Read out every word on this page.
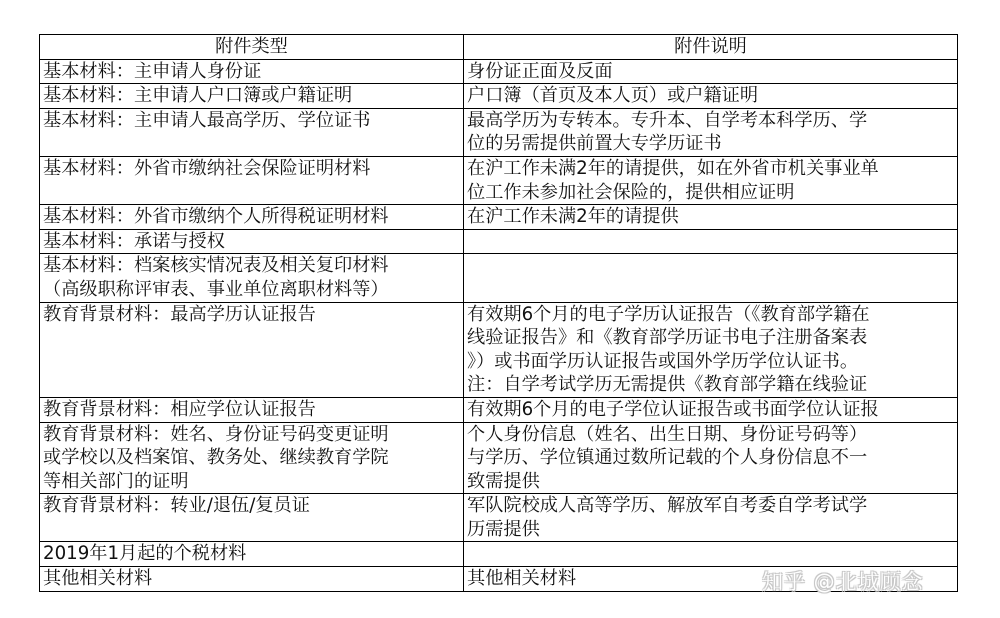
附件类型	附件说明

基本材料：主申请人身份证	身份证正面及反面

基本材料：主申请人户口簿或户籍证明	户口簿（首页及本人页）或户籍证明

基本材料：主申请人最高学历、学位证书	最高学历为专转本。专升本、自学考本科学历、学
位的另需提供前置大专学历证书

基本材料：外省市缴纳社会保险证明材料	在沪工作未满2年的请提供，如在外省市机关事业单
位工作未参加社会保险的，提供相应证明

基本材料：外省市缴纳个人所得税证明材料	在沪工作未满2年的请提供

基本材料：承诺与授权	

基本材料：档案核实情况表及相关复印材料
（高级职称评审表、事业单位离职材料等）	

教育背景材料：最高学历认证报告	有效期6个月的电子学历认证报告（《教育部学籍在
线验证报告》和《教育部学历证书电子注册备案表
》）或书面学历认证报告或国外学历学位认证书。
注：自学考试学历无需提供《教育部学籍在线验证

教育背景材料：相应学位认证报告	有效期6个月的电子学位认证报告或书面学位认证报

教育背景材料：姓名、身份证号码变更证明
或学校以及档案馆、教务处、继续教育学院
等相关部门的证明	个人身份信息（姓名、出生日期、身份证号码等）
与学历、学位镇通过数所记载的个人身份信息不一
致需提供

教育背景材料：转业/退伍/复员证	军队院校成人高等学历、解放军自考委自学考试学
历需提供

2019年1月起的个税材料	

其他相关材料	其他相关材料	知乎 @北城顾念
